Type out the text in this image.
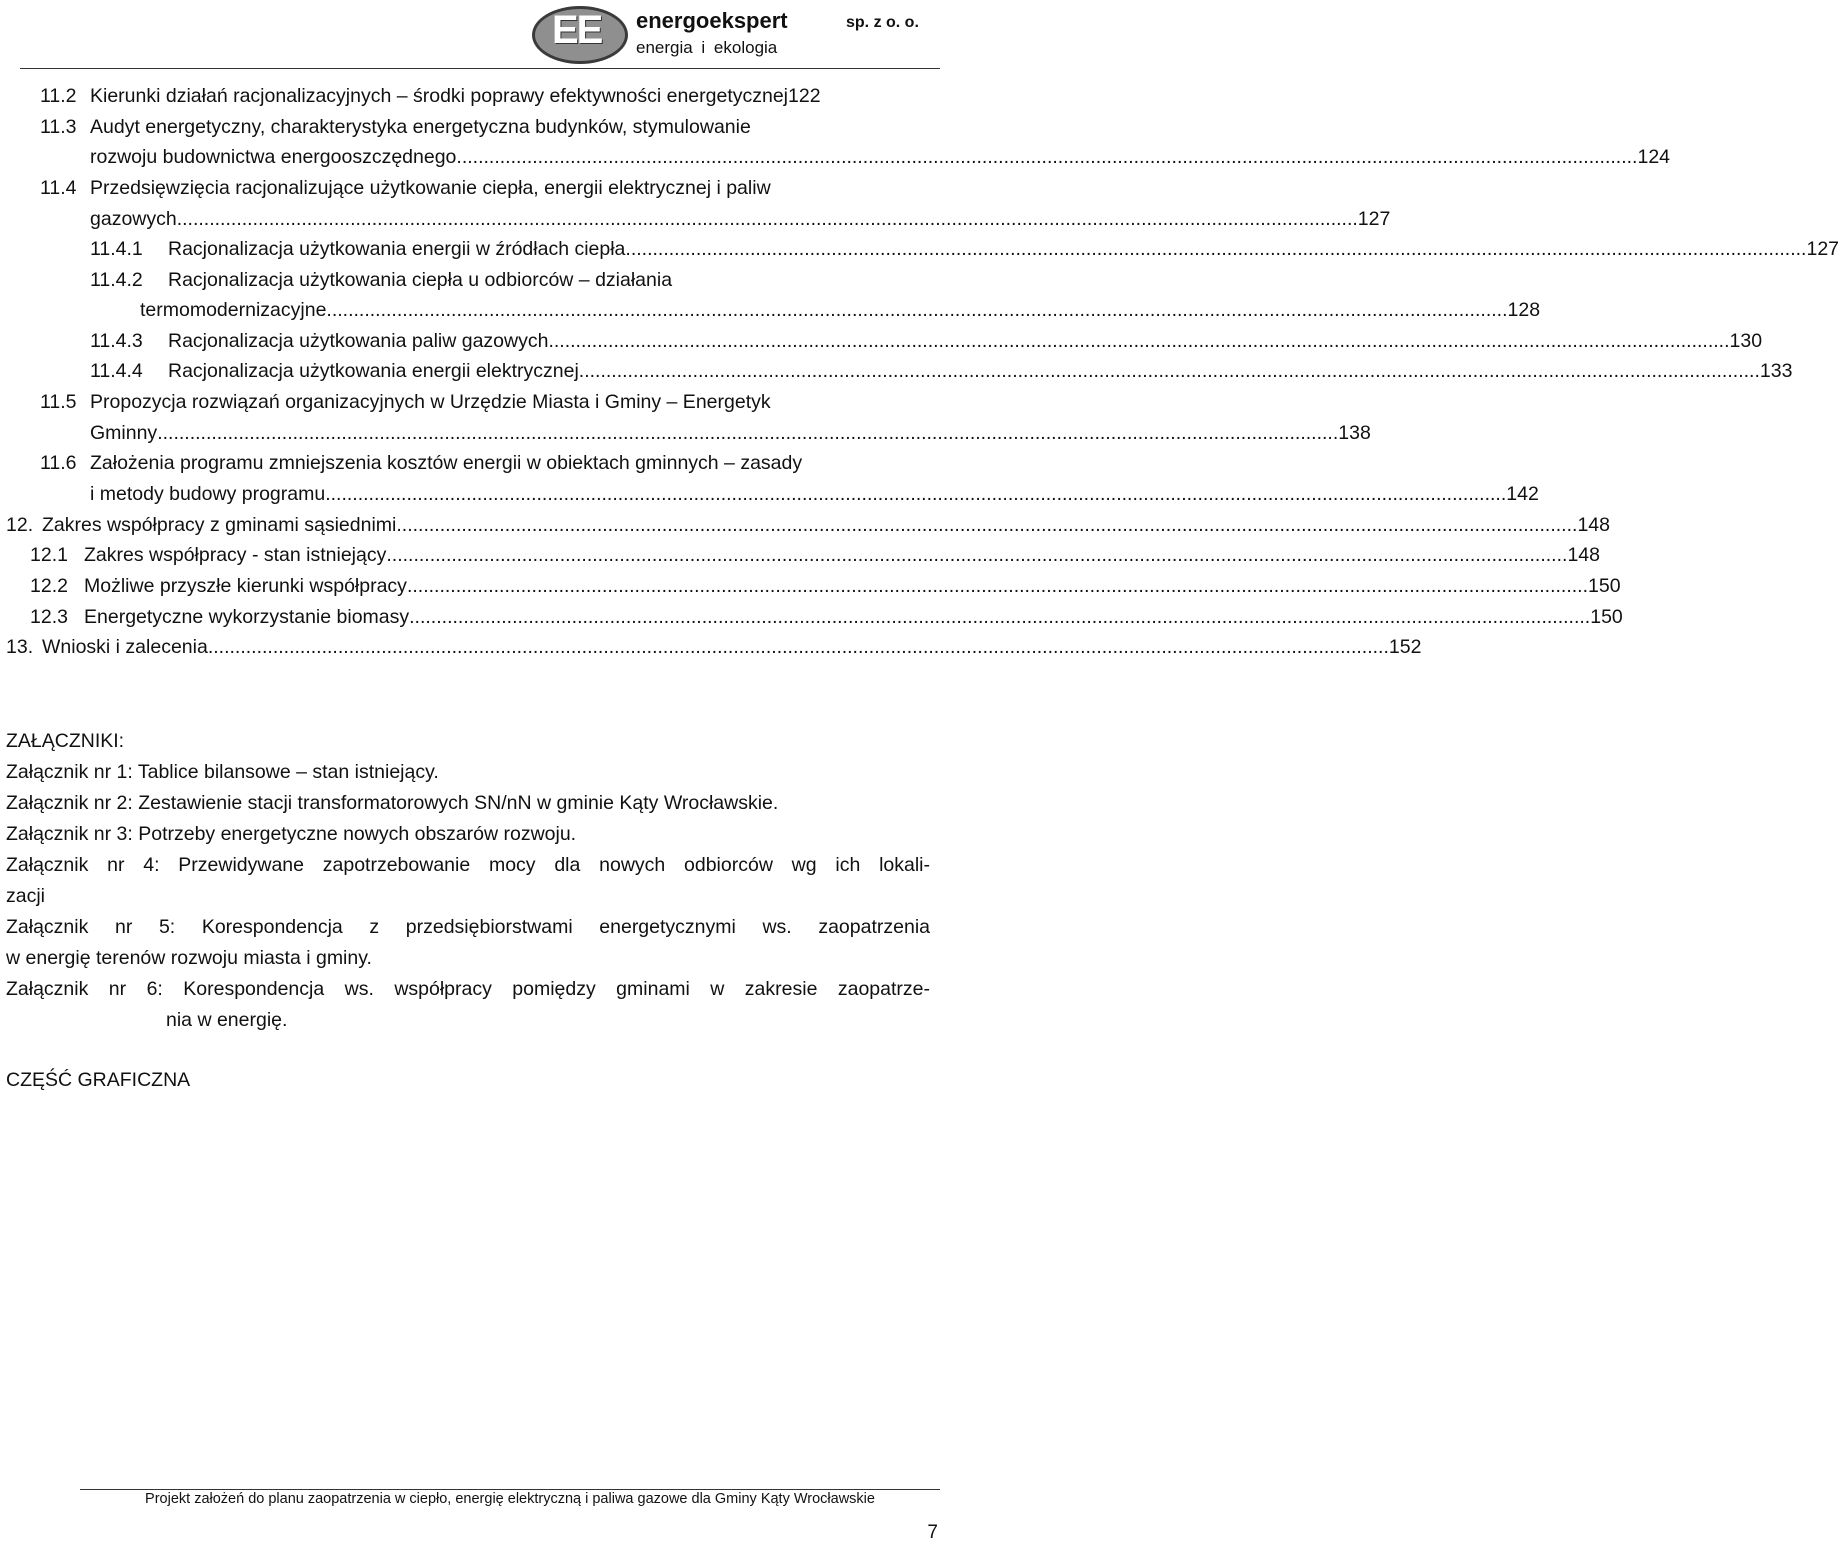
EE energoekspert	sp. z o. o.
energia i ekologia
11.2 Kierunki działań racjonalizacyjnych – środki poprawy efektywności energetycznej 122
11.3 Audyt energetyczny, charakterystyka energetyczna budynków, stymulowanie
rozwoju budownictwa energooszczędnego .......................................................................................................................................................................................................................... 124
11.4 Przedsięwzięcia racjonalizujące użytkowanie ciepła, energii elektrycznej i paliw
gazowych .......................................................................................................................................................................................................................... 127
11.4.1 Racjonalizacja użytkowania energii w źródłach ciepła .......................................................................................................................................................................................................................... 127
11.4.2 Racjonalizacja użytkowania ciepła u odbiorców – działania
termomodernizacyjne .......................................................................................................................................................................................................................... 128
11.4.3 Racjonalizacja użytkowania paliw gazowych .......................................................................................................................................................................................................................... 130
11.4.4 Racjonalizacja użytkowania energii elektrycznej .......................................................................................................................................................................................................................... 133
11.5 Propozycja rozwiązań organizacyjnych w Urzędzie Miasta i Gminy – Energetyk
Gminny .......................................................................................................................................................................................................................... 138
11.6 Założenia programu zmniejszenia kosztów energii w obiektach gminnych – zasady
i metody budowy programu .......................................................................................................................................................................................................................... 142
12. Zakres współpracy z gminami sąsiednimi .......................................................................................................................................................................................................................... 148
12.1 Zakres współpracy - stan istniejący .......................................................................................................................................................................................................................... 148
12.2 Możliwe przyszłe kierunki współpracy .......................................................................................................................................................................................................................... 150
12.3 Energetyczne wykorzystanie biomasy .......................................................................................................................................................................................................................... 150
13. Wnioski i zalecenia .......................................................................................................................................................................................................................... 152
ZAŁĄCZNIKI:
Załącznik nr 1: Tablice bilansowe – stan istniejący.
Załącznik nr 2: Zestawienie stacji transformatorowych SN/nN w gminie Kąty Wrocławskie.
Załącznik nr 3: Potrzeby energetyczne nowych obszarów rozwoju.
Załącznik nr 4: Przewidywane zapotrzebowanie mocy dla nowych odbiorców wg ich lokali-
zacji
Załącznik nr 5: Korespondencja z przedsiębiorstwami energetycznymi ws. zaopatrzenia
w energię terenów rozwoju miasta i gminy.
Załącznik nr 6: Korespondencja ws. współpracy pomiędzy gminami w zakresie zaopatrze-
nia w energię.
CZĘŚĆ GRAFICZNA
Projekt założeń do planu zaopatrzenia w ciepło, energię elektryczną i paliwa gazowe dla Gminy Kąty Wrocławskie
7
